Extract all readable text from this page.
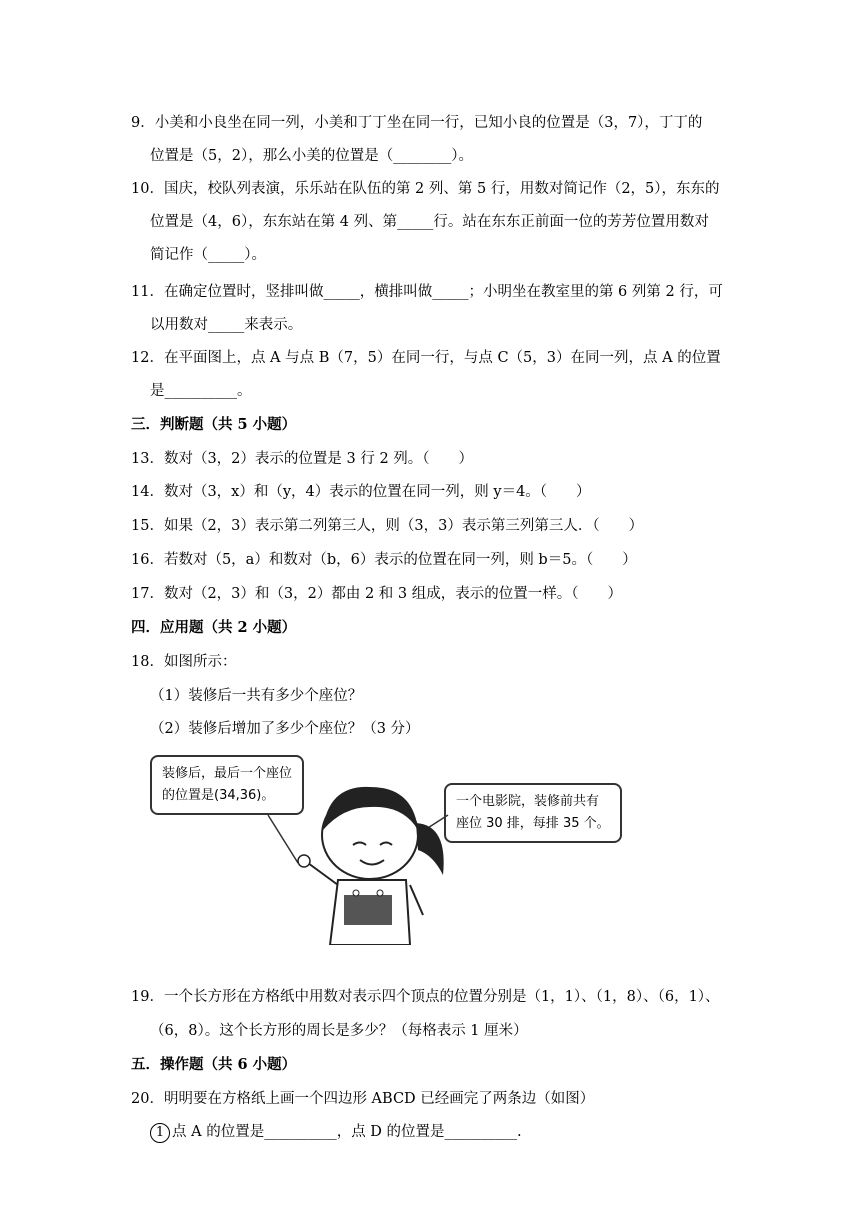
9．小美和小良坐在同一列，小美和丁丁坐在同一行，已知小良的位置是（3，7），丁丁的
位置是（5，2），那么小美的位置是（________）。
10．国庆，校队列表演，乐乐站在队伍的第 2 列、第 5 行，用数对简记作（2，5），东东的
位置是（4，6），东东站在第 4 列、第_____行。站在东东正前面一位的芳芳位置用数对
简记作（_____）。
11．在确定位置时，竖排叫做_____，横排叫做_____；小明坐在教室里的第 6 列第 2 行，可
以用数对_____来表示。
12．在平面图上，点 A 与点 B（7，5）在同一行，与点 C（5，3）在同一列，点 A 的位置
是__________。
三．判断题（共 5 小题）
13．数对（3，2）表示的位置是 3 行 2 列。（　　）
14．数对（3，x）和（y，4）表示的位置在同一列，则 y＝4。（　　）
15．如果（2，3）表示第二列第三人，则（3，3）表示第三列第三人．（　　）
16．若数对（5，a）和数对（b，6）表示的位置在同一列，则 b＝5。（　　）
17．数对（2，3）和（3，2）都由 2 和 3 组成，表示的位置一样。（　　）
四．应用题（共 2 小题）
18．如图所示：
（1）装修后一共有多少个座位？
（2）装修后增加了多少个座位？（3 分）
装修后，最后一个座位
的位置是(34,36)。	一个电影院，装修前共有
座位 30 排，每排 35 个。
19．一个长方形在方格纸中用数对表示四个顶点的位置分别是（1，1）、（1，8）、（6，1）、
（6，8）。这个长方形的周长是多少？（每格表示 1 厘米）
五．操作题（共 6 小题）
20．明明要在方格纸上画一个四边形 ABCD 已经画完了两条边（如图）
1 点 A 的位置是__________，点 D 的位置是__________.
